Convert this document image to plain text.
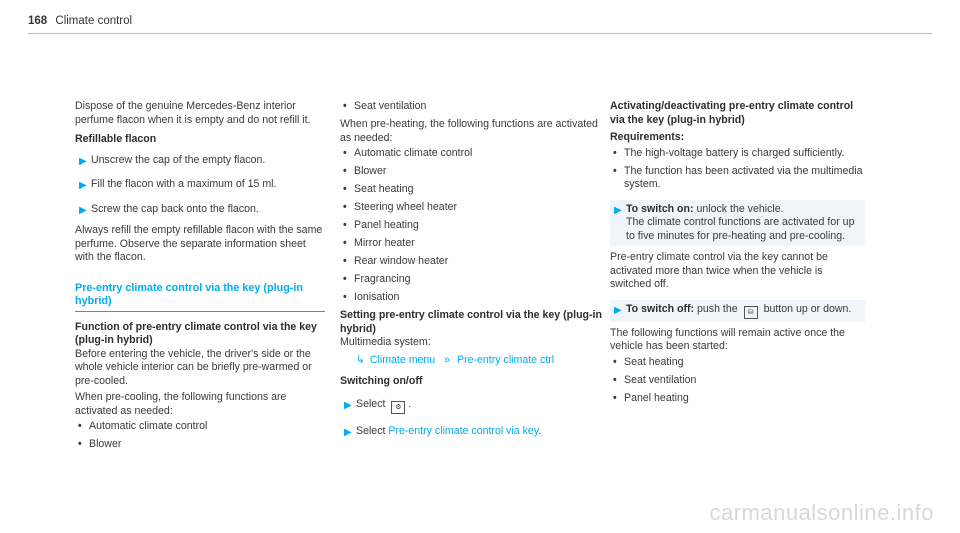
168 Climate control

Dispose of the genuine Mercedes-Benz interior perfume flacon when it is empty and do not refill it.

Refillable flacon
▶ Unscrew the cap of the empty flacon.
▶ Fill the flacon with a maximum of 15 ml.
▶ Screw the cap back onto the flacon.

Always refill the empty refillable flacon with the same perfume. Observe the separate information sheet with the flacon.

Pre-entry climate control via the key (plug-in hybrid)
Function of pre-entry climate control via the key (plug-in hybrid)

Before entering the vehicle, the driver's side or the whole vehicle interior can be briefly pre-warmed or pre-cooled.

When pre-cooling, the following functions are activated as needed:

• Automatic climate control
• Blower
• Seat ventilation

When pre-heating, the following functions are activated as needed:

• Automatic climate control
• Blower
• Seat heating
• Steering wheel heater
• Panel heating
• Mirror heater
• Rear window heater
• Fragrancing
• Ionisation
Setting pre-entry climate control via the key (plug-in hybrid)

Multimedia system:

↳ Climate menu » Pre-entry climate ctrl
Switching on/off
▶ Select ⚙ .
▶ Select Pre-entry climate control via key.
Activating/deactivating pre-entry climate control via the key (plug-in hybrid)
Requirements:
• The high-voltage battery is charged sufficiently.
• The function has been activated via the multimedia system.
▶ To switch on: unlock the vehicle.

The climate control functions are activated for up to five minutes for pre-heating and pre-cooling.

Pre-entry climate control via the key cannot be activated more than twice when the vehicle is switched off.

▶ To switch off: push the ⛁ button up or down.

The following functions will remain active once the vehicle has been started:

• Seat heating
• Seat ventilation
• Panel heating
carmanualsonline.info
